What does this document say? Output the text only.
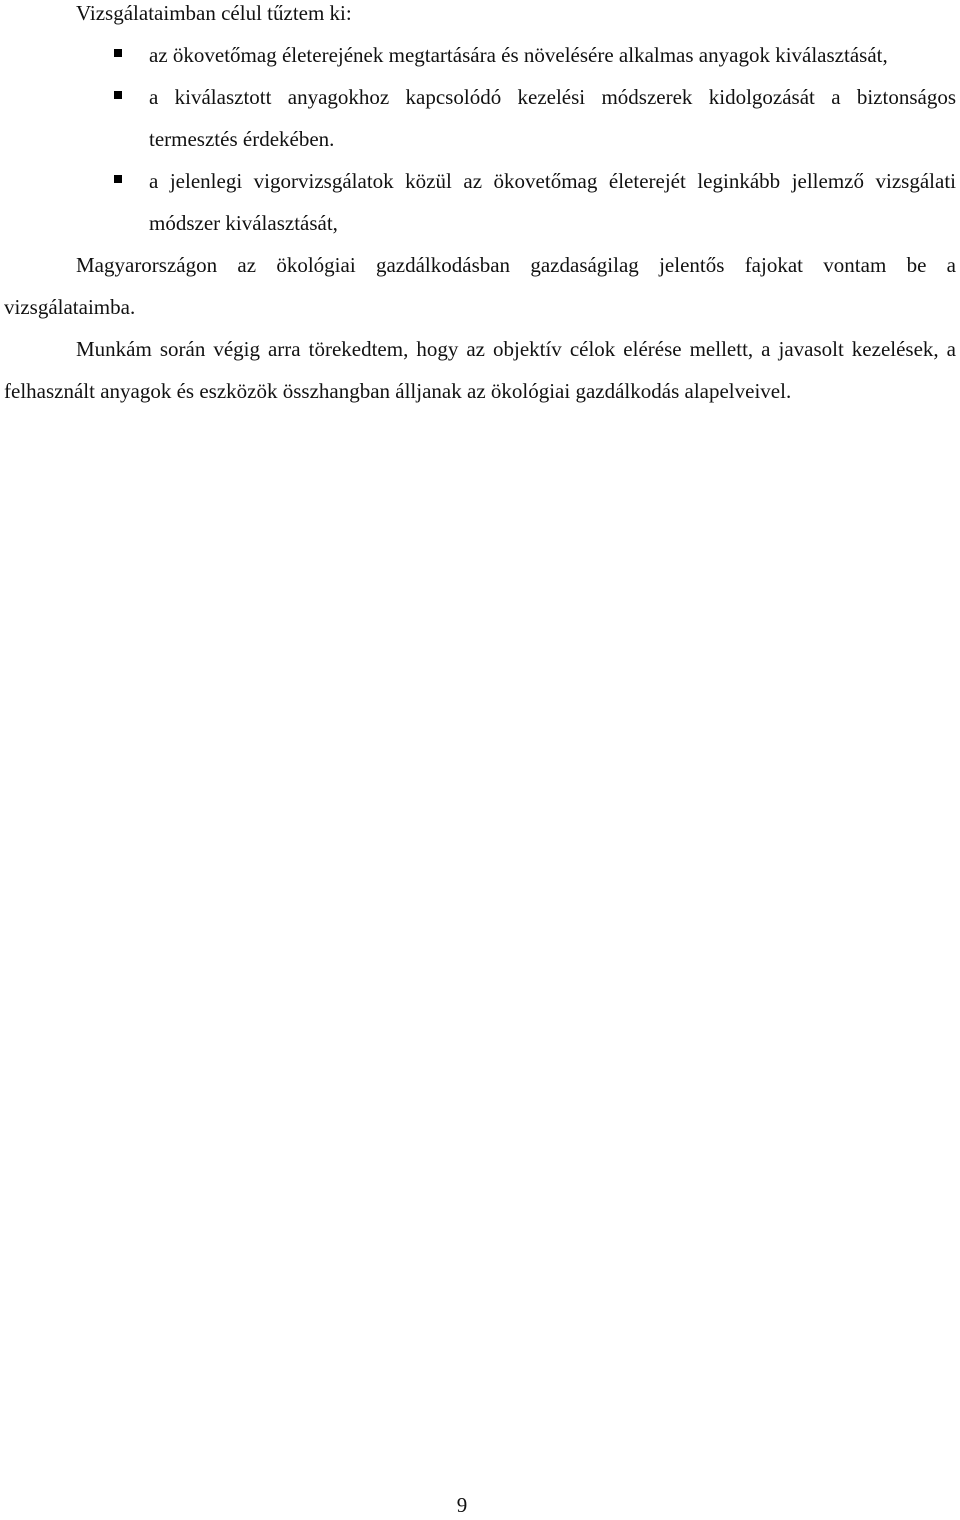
Vizsgálataimban célul tűztem ki:

az ökovetőmag életerejének megtartására és növelésére alkalmas anyagok kiválasztását,
a kiválasztott anyagokhoz kapcsolódó kezelési módszerek kidolgozását a biztonságos termesztés érdekében.
a jelenlegi vigorvizsgálatok közül az ökovetőmag életerejét leginkább jellemző vizsgálati módszer kiválasztását,

Magyarországon az ökológiai gazdálkodásban gazdaságilag jelentős fajokat vontam be a vizsgálataimba.

Munkám során végig arra törekedtem, hogy az objektív célok elérése mellett, a javasolt kezelések, a felhasznált anyagok és eszközök összhangban álljanak az ökológiai gazdálkodás alapelveivel.

9
